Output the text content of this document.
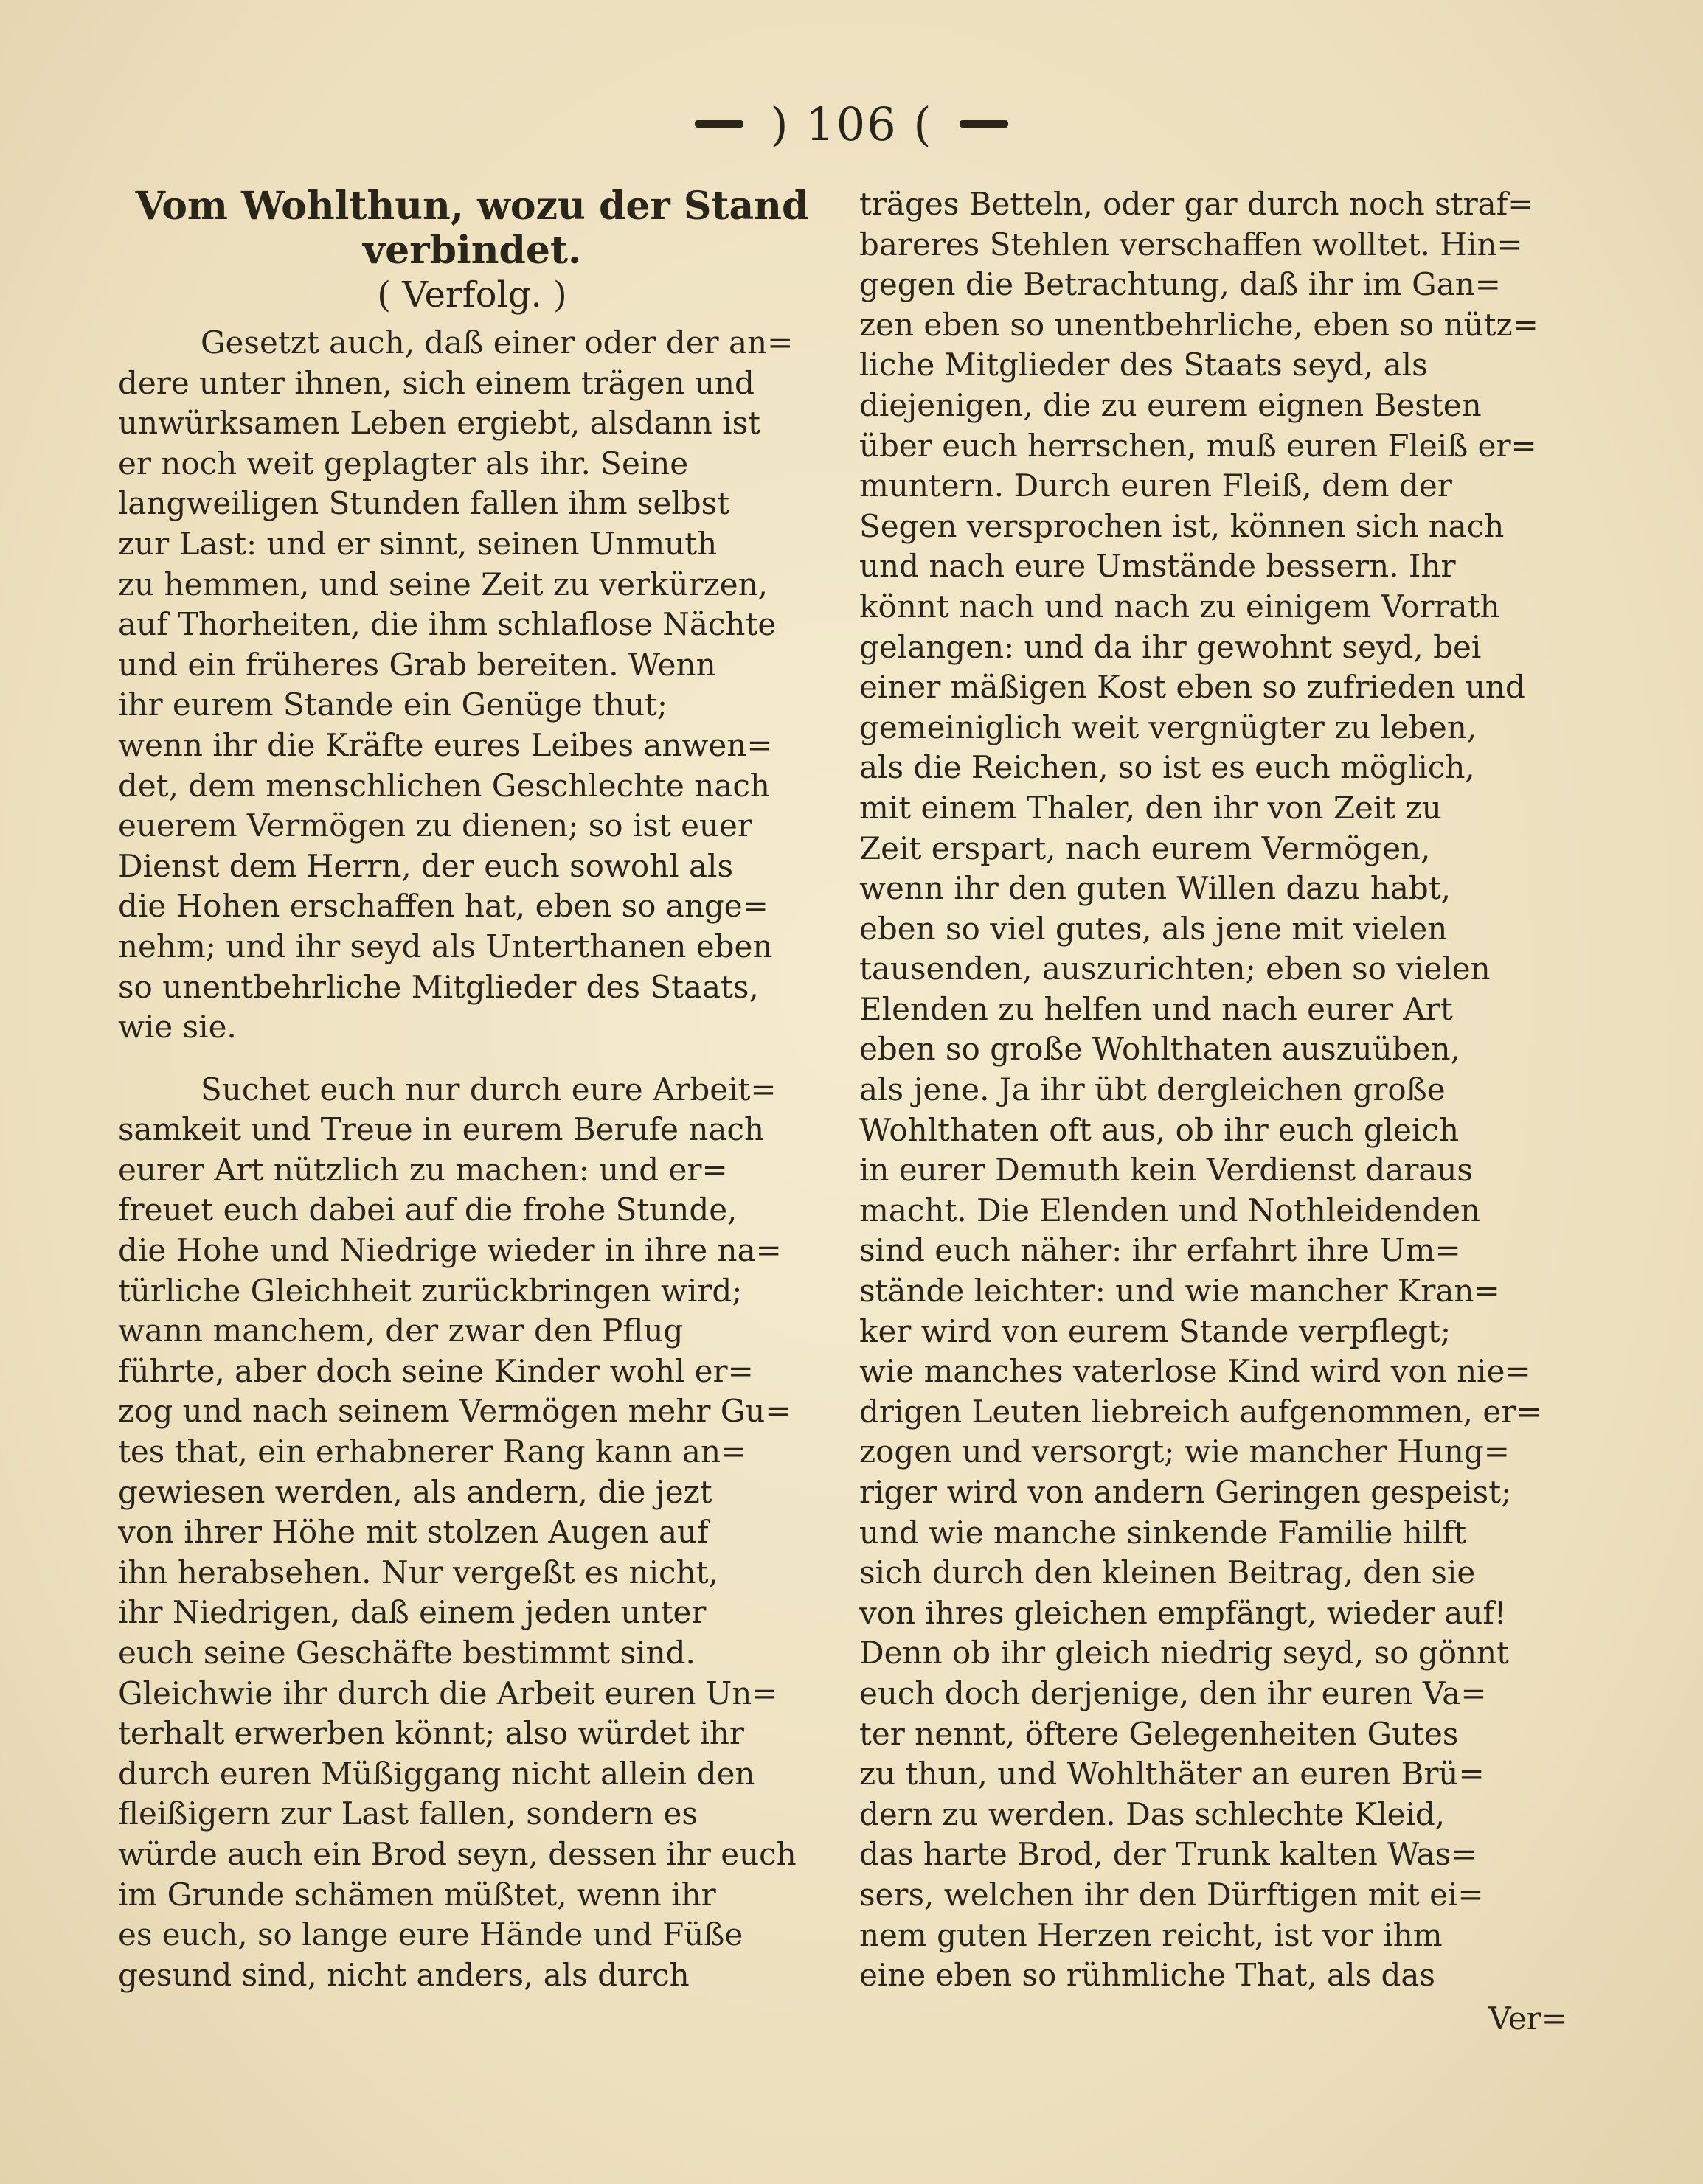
) 106 (

Vom Wohlthun, wozu der Stand
verbindet.

( Verfolg. )

Gesetzt auch, daß einer oder der an=
dere unter ihnen, sich einem trägen und
unwürksamen Leben ergiebt, alsdann ist
er noch weit geplagter als ihr. Seine
langweiligen Stunden fallen ihm selbst
zur Last: und er sinnt, seinen Unmuth
zu hemmen, und seine Zeit zu verkürzen,
auf Thorheiten, die ihm schlaflose Nächte
und ein früheres Grab bereiten. Wenn
ihr eurem Stande ein Genüge thut;
wenn ihr die Kräfte eures Leibes anwen=
det, dem menschlichen Geschlechte nach
euerem Vermögen zu dienen; so ist euer
Dienst dem Herrn, der euch sowohl als
die Hohen erschaffen hat, eben so ange=
nehm; und ihr seyd als Unterthanen eben
so unentbehrliche Mitglieder des Staats,
wie sie.
Suchet euch nur durch eure Arbeit=
samkeit und Treue in eurem Berufe nach
eurer Art nützlich zu machen: und er=
freuet euch dabei auf die frohe Stunde,
die Hohe und Niedrige wieder in ihre na=
türliche Gleichheit zurückbringen wird;
wann manchem, der zwar den Pflug
führte, aber doch seine Kinder wohl er=
zog und nach seinem Vermögen mehr Gu=
tes that, ein erhabnerer Rang kann an=
gewiesen werden, als andern, die jezt
von ihrer Höhe mit stolzen Augen auf
ihn herabsehen. Nur vergeßt es nicht,
ihr Niedrigen, daß einem jeden unter
euch seine Geschäfte bestimmt sind.
Gleichwie ihr durch die Arbeit euren Un=
terhalt erwerben könnt; also würdet ihr
durch euren Müßiggang nicht allein den
fleißigern zur Last fallen, sondern es
würde auch ein Brod seyn, dessen ihr euch
im Grunde schämen müßtet, wenn ihr
es euch, so lange eure Hände und Füße
gesund sind, nicht anders, als durch
träges Betteln, oder gar durch noch straf=
bareres Stehlen verschaffen wolltet. Hin=
gegen die Betrachtung, daß ihr im Gan=
zen eben so unentbehrliche, eben so nütz=
liche Mitglieder des Staats seyd, als
diejenigen, die zu eurem eignen Besten
über euch herrschen, muß euren Fleiß er=
muntern. Durch euren Fleiß, dem der
Segen versprochen ist, können sich nach
und nach eure Umstände bessern. Ihr
könnt nach und nach zu einigem Vorrath
gelangen: und da ihr gewohnt seyd, bei
einer mäßigen Kost eben so zufrieden und
gemeiniglich weit vergnügter zu leben,
als die Reichen, so ist es euch möglich,
mit einem Thaler, den ihr von Zeit zu
Zeit erspart, nach eurem Vermögen,
wenn ihr den guten Willen dazu habt,
eben so viel gutes, als jene mit vielen
tausenden, auszurichten; eben so vielen
Elenden zu helfen und nach eurer Art
eben so große Wohlthaten auszuüben,
als jene. Ja ihr übt dergleichen große
Wohlthaten oft aus, ob ihr euch gleich
in eurer Demuth kein Verdienst daraus
macht. Die Elenden und Nothleidenden
sind euch näher: ihr erfahrt ihre Um=
stände leichter: und wie mancher Kran=
ker wird von eurem Stande verpflegt;
wie manches vaterlose Kind wird von nie=
drigen Leuten liebreich aufgenommen, er=
zogen und versorgt; wie mancher Hung=
riger wird von andern Geringen gespeist;
und wie manche sinkende Familie hilft
sich durch den kleinen Beitrag, den sie
von ihres gleichen empfängt, wieder auf!
Denn ob ihr gleich niedrig seyd, so gönnt
euch doch derjenige, den ihr euren Va=
ter nennt, öftere Gelegenheiten Gutes
zu thun, und Wohlthäter an euren Brü=
dern zu werden. Das schlechte Kleid,
das harte Brod, der Trunk kalten Was=
sers, welchen ihr den Dürftigen mit ei=
nem guten Herzen reicht, ist vor ihm
eine eben so rühmliche That, als das
Ver=
